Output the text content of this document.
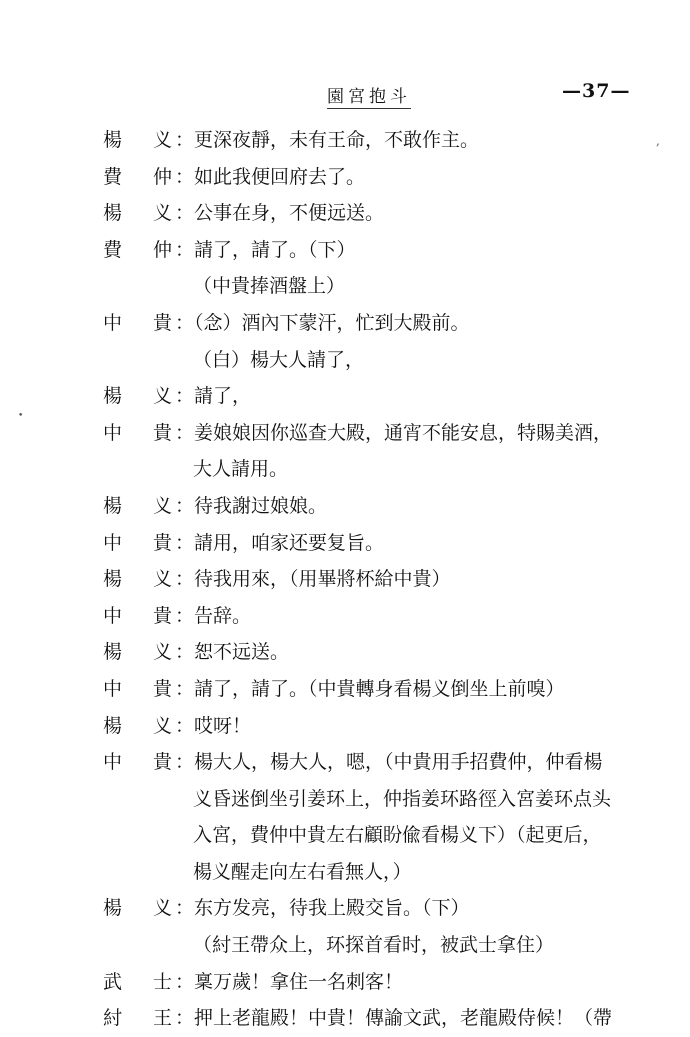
園宮抱斗	—37—
楊 义 ：更深夜靜，未有王命，不敢作主。
費 仲 ：如此我便回府去了。
楊 义 ：公事在身，不便远送。
費 仲 ：請了，請了。（下）
（中貴捧酒盤上）
中 貴 ：（念）酒內下蒙汗，忙到大殿前。
（白）楊大人請了，
楊 义 ：請了，
中 貴 ：姜娘娘因你巡查大殿，通宵不能安息，特賜美酒，
大人請用。
楊 义 ：待我謝过娘娘。
中 貴 ：請用，咱家还要复旨。
楊 义 ：待我用來，（用畢將杯給中貴）
中 貴 ：告辞。
楊 义 ：恕不远送。
中 貴 ：請了，請了。（中貴轉身看楊义倒坐上前嗅）
楊 义 ：哎呀！
中 貴 ：楊大人，楊大人，嗯，（中貴用手招費仲，仲看楊
义昏迷倒坐引姜环上，仲指姜环路徑入宮姜环点头
入宮，費仲中貴左右顧盼偸看楊义下）（起更后，
楊义醒走向左右看無人，）
楊 义 ：东方发亮，待我上殿交旨。（下）
（紂王帶众上，环探首看时，被武士拿住）
武 士 ：稟万歲！拿住一名刺客！
紂 王 ：押上老龍殿！中貴！傳諭文武，老龍殿侍候！（帶
,
•
